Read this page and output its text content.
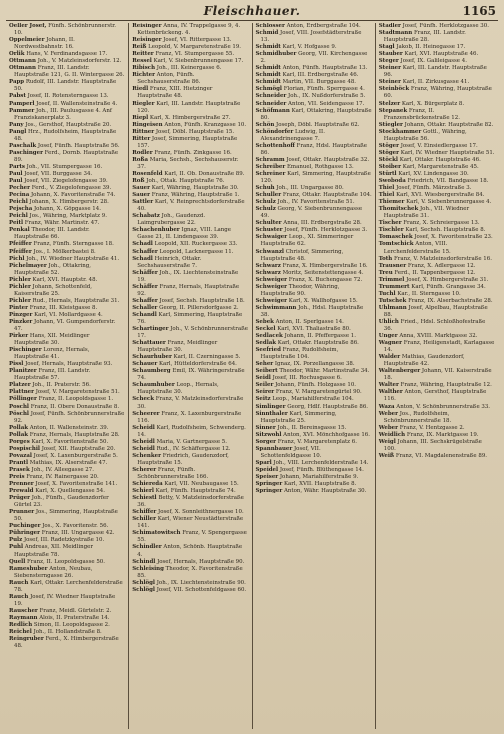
Fleischhauer.	1165

Oeller Josef, Fünfh. Schönbrunnerstr. 10.

Oppelmeier Johann, II. Nordwestbahnstr. 16.

Orlik Hans, V. Ferdinandsgasse 17.

Ottmann Joh., V. Matzleinsdorferstr. 12.

Ottmann Franz, III. Landstr. Hauptstraße 121, G. II. Wintergasse 26.

Papp Rudolf, III. Landstr. Hauptstraße 50.

Pabst Josef, II. Rotensterngasse 13.

Pamperl Josef, II. Wallensteinstraße 4.

Pammer Joh., III. Paulusgasse 4. Anf Franziskanerplatz 3.

Pany Jos., Gersthof, Hauptstraße 20.

Pangl Hrz., Rudolfsheim, Hauptstraße 48.

Paschalk Josef, Fünfh. Hauptstraße 56.

Paschinger Ferd., Dornb. Hauptstraße 89.

Parts Joh., VII. Stumpergasse 16.

Paul Josef, VII. Burggasse 34.

Paul Josef, VII. Ziegelofengasse 39.

Pecher Ferd., V. Ziegelofengasse 39.

Pecina Johann, X. Favoritenstraße 74.

Peichl Johann, X. Himbergerstr. 28.

Pejscha Johann, X. Göpgasse 14.

Peichl Jos., Währing, Marktplatz 9.

Peitl Franz, Währ. Martinstr. 47.

Penkal Theodor, III. Landstr. Hauptstraße 66.

Pfeiffer Franz, Fünfh. Sterngasse 18.

Pfeiffer Jos., I. Mölkerbastei 8.

Pichl Joh., IV. Wiedner Hauptstraße 41.

Pichelmayer Joh., Ottakring, Hauptstraße 52.

Pichler Karl, XVI. Hauptstr. 48.

Pichler Johann, Schottenfeld, Kaiserstraße 25.

Pichler Rud., Hernals, Hauptstraße 31.

Pinter Franz, III. Kleistgasse 8.

Pinzger Karl, VI. Mollardgasse 4.

Pinzker Johann, VI. Gumpendorferstr. 47.

Pirker Hans, XII. Meidlinger Hauptstraße 30.

Pischinger Lorenz, Hernals, Hauptstraße 41.

Pissl Josef, Hernals, Hauptstraße 93.

Planitzer Franz, III. Landstr. Hauptstraße 57.

Platzer Joh., II. Praterstr. 56.

Plattner Josef, V. Margaretenstraße 51.

Pöllinger Franz, II. Leopoldsgasse 1.

Poschl Franz, II. Obere Donaustraße 8.

Pöschl Josef, Fünfh. Schönbrunnerstraße 92.

Pollak Anton, II. Wallensteinstr. 39.

Pollak Franz, Hernals, Hauptstraße 28.

Porges Karl, X. Favoritenstraße 50.

Pospischil Josef, XII. Hauptstraße 20.

Povazal Josef, X. Laxenburgerstraße 5.

Prantl Mathias, IX. Alserstraße 47.

Prasek Joh., IV. Alleegasse 27.

Preis Franz, IV. Rainergasse 20.

Prenner Josef, X. Favoritenstraße 141.

Prewald Karl, X. Quellengasse 54.

Prüger Joh., Fünfh., Gaudenzdorfer Gürtel 23.

Prunner Jos., Simmering, Hauptstraße 50.

Puchinger Jos., X. Favoritenstr. 56.

Pühringer Franz, III. Ungargasse 42.

Pulz Josef, III. Radetzkystraße 10.

Puhl Andreas, XII. Meidlinger Hauptstraße 78.

Quell Franz, II. Leopoldsgasse 50.

Rameshuber Anton, Neubau, Siebensterngasse 26.

Rauch Karl, Ottakr. Lerchenfelderstraße 78.

Rauch Josef, IV. Wiedner Hauptstraße 19.

Rauscher Franz, Meidl. Gürtelstr. 2.

Raymann Alois, II. Praterstraße 14.

Redlich Simon, II. Leopoldsgasse 2.

Reichel Joh., II. Hollandstraße 8.

Reingruber Ferd., X. Himbergerstraße 48.

Reisinger Anna, IV. Trappelgasse 9, 4. Kettenbrückeng. 4.

Reisinger Josef, VI. Rittergasse 13.

Reiß Leopold, V. Margaretenstraße 19.

Reitter Franz, VI. Stumpergasse 55.

Ressel Karl, V. Siebenbrunnengasse 17.

Ribisch Joh., III. Keinergasse 6.

Richter Anton, Fünfh. Sechshauserstraße 86.

Riedl Franz, XIII. Hietzinger Hauptstraße 48.

Riegler Karl, III. Landstr. Hauptstraße 120.

Riepl Karl, X. Himbergerstraße 27.

Ringeisen Anton, Fünfh. Kranzgasse 10.

Rittner Josef, Döbl. Hauptstraße 15.

Ritter Josef, Simmering, Hauptstraße 157.

Rodler Franz, Fünfh. Zinkgasse 16.

Roßa Maria, Sechsh., Sechshauserstr. 37.

Rosenfeld Karl, II. Ob. Donaustraße 89.

Roß Joh., Ottak. Hauptstraße 76.

Sauer Karl, Währing, Hauptstraße 30.

Sauer Franz, Währing, Hauptstraße 1.

Sattler Karl, V. Reinprechtsdorferstraße 40.

Schabatz Joh., Gaudenzd. Laimgrubergasse 22.

Schachenhuber Ignaz, VIII. Lange Gasse 21, II. Lindengasse 39.

Schadl Leopold, XII. Ruckergasse 33.

Schaffer Leopold, Lacknergasse 11.

Schadl Heinrich, Ottakr. Sechshauserstraße 7.

Schäffer Joh., IX. Liechtensteinstraße 19.

Schäffer Franz, Hernals, Hauptstraße 92.

Schaffer Josef, Sechsh. Hauptstraße 18.

Schaller Georg, II. Pillersdorfgasse 2.

Schandl Karl, Simmering, Hauptstraße 76.

Schartinger Joh., V. Schönbrunnerstraße 17.

Schattauer Franz, Meidlinger Hauptstraße 30.

Schaurhuber Karl, II. Czerningasse 5.

Schauer Karl, Hütteldorferstraße 64.

Schaumberg Emil, IX. Währingerstraße 74.

Schaumhuber Leop., Hernals, Hauptstraße 30.

Scheck Franz, V. Matzleinsdorferstraße 30.

Scheerer Franz, X. Laxenburgerstraße 116.

Scheidl Karl, Rudolfsheim, Schwenderg. 14.

Scheidl Maria, V. Gartnergasse 5.

Scheidl Rud., IV. Schäffergasse 12.

Schenker Friedrich, Gaudenzdorf, Hauptstraße 15.

Scherer Franz, Fünfh. Schönbrunnerstraße 166.

Schiereda Karl, VII. Neubaugasse 15.

Schierl Karl, Fünfh. Hauptstraße 74.

Schiestl Betty, V. Matzleinsdorferstraße 36.

Schiffer Josef, X. Sonnleithnergasse 10.

Schiller Karl, Wiener Neustädterstraße 141.

Schimatowitsch Franz, V. Spengergasse 55.

Schindler Anton, Schönb. Hauptstraße 4.

Schindl Josef, Hernals, Hauptstraße 90.

Schleising Theodor, X. Favoritenstraße 85.

Schlögl Joh., IX. Liechtensteinstraße 90.

Schlögl Josef, VII. Schottenfeldgasse 60.

Schlosser Anton, Erdbergstraße 104.

Schmid Josef, VIII. Josefstädterstraße 13.

Schmidt Karl, V. Hofgasse 9.

Schmidhuber Georg, VII. Kirchengasse 2.

Schmidt Anton, Fünfh. Hauptstraße 13.

Schmidt Karl, III. Erdbergstraße 46.

Schmidt Martin, VII. Burggasse 48.

Schmögl Florian, Fünfh. Sperrgasse 4.

Schneider Joh., IX. Nußdorferstraße 5.

Schneider Anton, VII. Seidengasse 17.

Schöfmann Karl, Ottakring, Hauptstraße 80.

Schön Joseph, Döbl. Hauptstraße 62.

Schöndorfer Ludwig, II. Alexandrinengasse 7.

Schottenhoff Franz, Hdsl. Hauptstraße 86.

Schramm Josef, Ottakr. Hauptstraße 32.

Schreiber Emanuel, Rothgasse 13.

Schreiner Karl, Simmering, Hauptstraße 120.

Schuh Joh., III. Ungargasse 80.

Schuller Franz, Ottakr. Hauptstraße 104.

Schulz Joh., IV. Favoritenstraße 51.

Schulz Georg, V. Siebenbrunnengasse 49.

Schulter Anna, III. Erdbergstraße 28.

Schuster Josef, Fünfh. Herklotzgasse 3.

Schwaiger Leop., XI. Simmeringer Hauptstraße 62.

Schwanzl Christof, Simmering, Hauptstraße 48.

Schwarz Franz, X. Himbergerstraße 16.

Schwarz Moritz, Seitenstettengasse 4.

Schweiger Franz, X. Buchengasse 72.

Schweiger Theodor, Währing, Hauptstraße 90.

Schweiger Karl, X. Wallhofgasse 15.

Schwimmann Joh., Hdsl. Hauptstraße 38.

Sebek Anton, II. Sperlgasse 14.

Seckel Karl, XVI. Thaliastraße 80.

Sedlacek Johann, II. Pfeffergasse 1.

Sedlak Karl, Ottakr. Hauptstraße 86.

Seefried Franz, Rudolfsheim, Hauptstraße 104.

Seher Ignaz, IX. Porzellangasse 38.

Seibert Theodor, Währ. Martinstraße 34.

Seidl Josef, III. Rochusgasse 6.

Seiler Johann, Fünfh. Holzgasse 10.

Seirer Franz, V. Margaretengürtel 90.

Seitz Leop., Mariahilferstraße 104.

Simlinger Georg, Hdlf. Hauptstraße 86.

Sinnthaler Karl, Simmering, Hauptstraße 25.

Sinner Joh., II. Bereinsgasse 15.

Sitzwohl Anton, XVI. Mönchhofgasse 16.

Sorger Franz, V. Margaretenplatz 6.

Spannbauer Josef, VII. Schottenfeldgasse 10.

Sparl Joh., VIII. Lerchenfelderstraße 14.

Speidel Josef, Fünfh. Blüthengasse 14.

Speiser Johann, Mariahilferstraße 9.

Springer Karl, XVII. Hauptstraße 8.

Springer Anton, Währ. Hauptstraße 30.

Stadler Josef, Fünfh. Herklotzgasse 30.

Stadtmann Franz, III. Landstr. Hauptstraße 28.

Stagl Jakob, II. Heinegasse 17.

Stauber Karl, XVI. Hauptstraße 46.

Steger Josef, IX. Galileigasse 4.

Steiner Karl, III. Landstr. Hauptstraße 96.

Steiner Karl, II. Zirkusgasse 41.

Steinböck Franz, Währing, Hauptstraße 60.

Stelzer Karl, X. Bürgerplatz 8.

Stepanek Franz, II. Franzensbrückenstraße 12.

Stiegler Johann, Ottakr. Hauptstraße 82.

Stockhammer Gottl., Währing, Hauptstraße 56.

Stöger Josef, V. Einsiedlergasse 17.

Stöger Karl, IV. Wiedner Hauptstraße 51.

Stöckl Karl, Ottakr. Hauptstraße 46.

Stoiber Karl, Margaretenstraße 45.

Stürtl Karl, XV. Lindengasse 30.

Swoboda Friedrich, VII. Bandgasse 18.

Thiel Josef, Fünfh. Märzstraße 3.

Thiel Karl, XVI. Wiesbergerstraße 84.

Thiemer Karl, V. Siebenbrunnergasse 4.

Thomitschek Joh., VII. Wiedner Hauptstraße 31.

Tischer Franz, X. Schreiergasse 13.

Tischler Karl, Sechsh. Hauptstraße 8.

Tomaschek Josef, X. Favoritenstraße 23.

Tomtschick Anton, VIII. Lerchenfelderstraße 15.

Toth Franz, V. Matzleinsdorferstraße 16.

Trausner Franz, X. Adlergasse 12.

Treu Ferd., II. Tappenbergasse 12.

Trimmel Josef, X. Himbergerstraße 31.

Trummert Karl, Fünfh. Grangasse 34.

Tuchl Kar., II. Sterngasse 10.

Tutschek Franz, IX. Alserbachstraße 28.

Uhlmann Josef, Alpelbau, Hauptstraße 88.

Uhlich Fried., Hdsl. Schloßhofestraße 36.

Unger Anna, XVIII. Marktgasse 32.

Wagner Franz, Heiligenstadt, Karlagasse 14.

Walder Mathias, Gaudenzdorf, Hauptstraße 42.

Waltenberger Johann, VII. Kaiserstraße 18.

Walter Franz, Währing, Hauptstraße 12.

Walther Anton, Gersthof, Hauptstraße 116.

Waza Anton, V. Schönbrunnerstraße 33.

Weber Jos., Rudolfsheim, Schönbrunnerstraße 18.

Weber Franz, V. Hentzgasse 2.

Weidlich Franz, IX. Marktgasse 19.

Weigl Johann, III. Sechskrügelstraße 100.

Weiß Franz, VI. Magdalenenstraße 89.
